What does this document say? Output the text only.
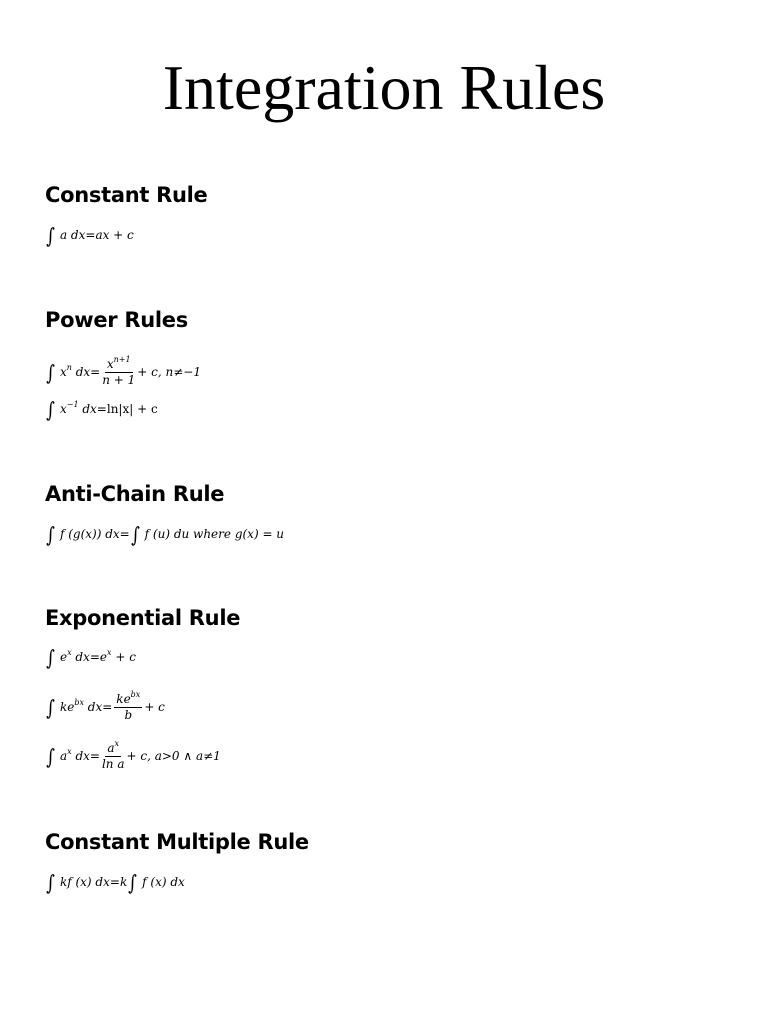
Integration Rules
Constant Rule
∫ a dx=ax + c
Power Rules
∫ $x^n$ $dx= \frac{x^{n+1}}{n + 1} + c$, n≠−1
∫ $x^{-1}$ dx=ln|x| + c
Anti-Chain Rule
∫ f (g(x)) dx=∫ f (u) du where g(x) = u
Exponential Rule
∫ $e^x$ $dx=e^x + c$
∫ $ke^{bx}$ $dx= \frac{ke^{bx}}{b} + c$
∫ $a^x$ $dx= \frac{a^x}{\text{ln a}} + c$, a>0 ∧ a≠1
Constant Multiple Rule
∫ kf (x) dx=k∫ f (x) dx
